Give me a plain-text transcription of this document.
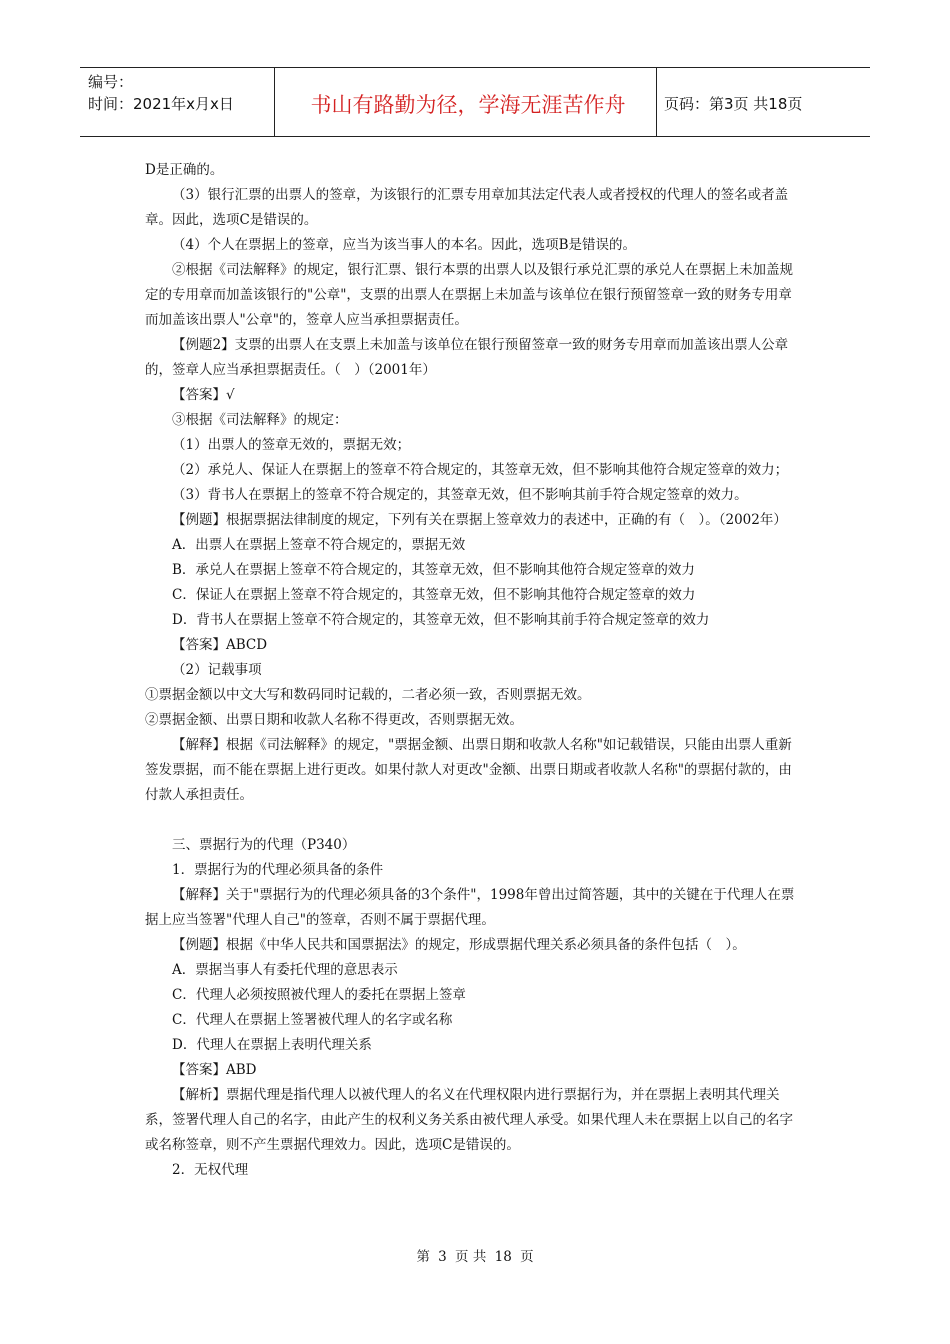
编号：
时间：2021年x月x日	书山有路勤为径，学海无涯苦作舟	页码：第3页 共18页

D是正确的。

（3）银行汇票的出票人的签章，为该银行的汇票专用章加其法定代表人或者授权的代理人的签名或者盖章。因此，选项C是错误的。

（4）个人在票据上的签章，应当为该当事人的本名。因此，选项B是错误的。

②根据《司法解释》的规定，银行汇票、银行本票的出票人以及银行承兑汇票的承兑人在票据上未加盖规定的专用章而加盖该银行的"公章"，支票的出票人在票据上未加盖与该单位在银行预留签章一致的财务专用章而加盖该出票人"公章"的，签章人应当承担票据责任。

【例题2】支票的出票人在支票上未加盖与该单位在银行预留签章一致的财务专用章而加盖该出票人公章的，签章人应当承担票据责任。（　）（2001年）

【答案】√

③根据《司法解释》的规定：

（1）出票人的签章无效的，票据无效；

（2）承兑人、保证人在票据上的签章不符合规定的，其签章无效，但不影响其他符合规定签章的效力；

（3）背书人在票据上的签章不符合规定的，其签章无效，但不影响其前手符合规定签章的效力。

【例题】根据票据法律制度的规定，下列有关在票据上签章效力的表述中，正确的有（　）。（2002年）

A．出票人在票据上签章不符合规定的，票据无效

B．承兑人在票据上签章不符合规定的，其签章无效，但不影响其他符合规定签章的效力

C．保证人在票据上签章不符合规定的，其签章无效，但不影响其他符合规定签章的效力

D．背书人在票据上签章不符合规定的，其签章无效，但不影响其前手符合规定签章的效力

【答案】ABCD

（2）记载事项

①票据金额以中文大写和数码同时记载的，二者必须一致，否则票据无效。

②票据金额、出票日期和收款人名称不得更改，否则票据无效。

【解释】根据《司法解释》的规定，"票据金额、出票日期和收款人名称"如记载错误，只能由出票人重新签发票据，而不能在票据上进行更改。如果付款人对更改"金额、出票日期或者收款人名称"的票据付款的，由付款人承担责任。

三、票据行为的代理（P340）

1．票据行为的代理必须具备的条件

【解释】关于"票据行为的代理必须具备的3个条件"，1998年曾出过简答题，其中的关键在于代理人在票据上应当签署"代理人自己"的签章，否则不属于票据代理。

【例题】根据《中华人民共和国票据法》的规定，形成票据代理关系必须具备的条件包括（　）。

A．票据当事人有委托代理的意思表示

C．代理人必须按照被代理人的委托在票据上签章

C．代理人在票据上签署被代理人的名字或名称

D．代理人在票据上表明代理关系

【答案】ABD

【解析】票据代理是指代理人以被代理人的名义在代理权限内进行票据行为，并在票据上表明其代理关系，签署代理人自己的名字，由此产生的权利义务关系由被代理人承受。如果代理人未在票据上以自己的名字或名称签章，则不产生票据代理效力。因此，选项C是错误的。

2．无权代理

第 3 页 共 18 页
